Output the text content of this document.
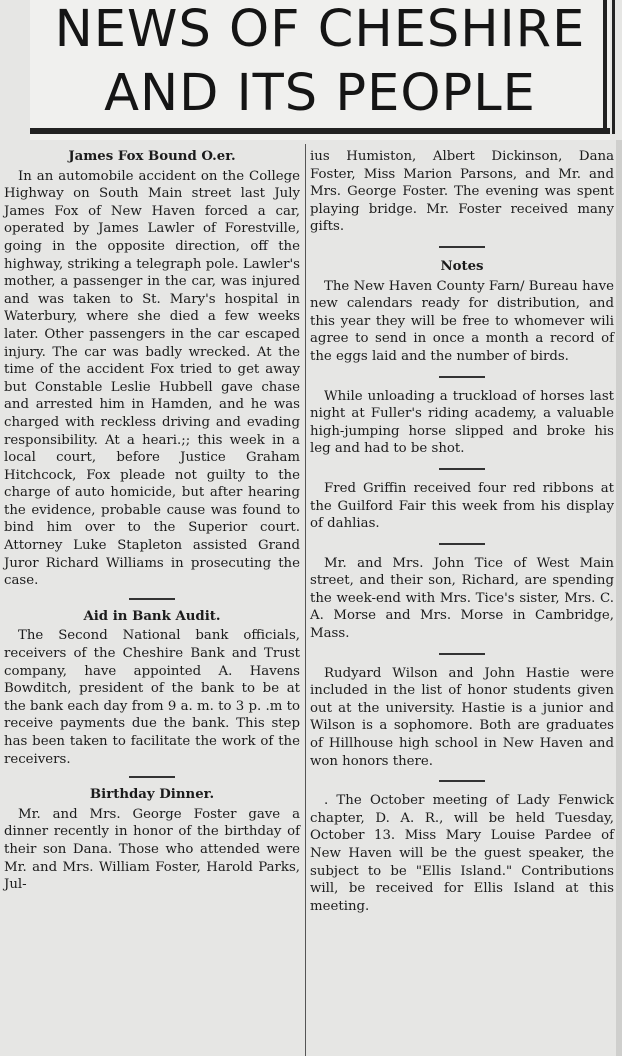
NEWS OF CHESHIRE
AND ITS PEOPLE
James Fox Bound O.er.

In an automobile accident on the College Highway on South Main street last July James Fox of New Haven forced a car, operated by James Lawler of Forestville, going in the opposite direction, off the highway, striking a telegraph pole. Lawler's mother, a passenger in the car, was injured and was taken to St. Mary's hospital in Waterbury, where she died a few weeks later. Other passengers in the car escaped injury. The car was badly wrecked. At the time of the accident Fox tried to get away but Constable Leslie Hubbell gave chase and arrested him in Hamden, and he was charged with reckless driving and evading responsibility. At a heari.;; this week in a local court, before Justice Graham Hitchcock, Fox pleade not guilty to the charge of auto homicide, but after hearing the evidence, probable cause was found to bind him over to the Superior court. Attorney Luke Stapleton assisted Grand Juror Richard Williams in prosecuting the case.

Aid in Bank Audit.

The Second National bank officials, receivers of the Cheshire Bank and Trust company, have appointed A. Havens Bowditch, president of the bank to be at the bank each day from 9 a. m. to 3 p. .m to receive payments due the bank. This step has been taken to facilitate the work of the receivers.

Birthday Dinner.

Mr. and Mrs. George Foster gave a dinner recently in honor of the birthday of their son Dana. Those who attended were Mr. and Mrs. William Foster, Harold Parks, Jul-

ius Humiston, Albert Dickinson, Dana Foster, Miss Marion Parsons, and Mr. and Mrs. George Foster. The evening was spent playing bridge. Mr. Foster received many gifts.

Notes

The New Haven County Farn/ Bureau have new calendars ready for distribution, and this year they will be free to whomever wili agree to send in once a month a record of the eggs laid and the number of birds.

While unloading a truckload of horses last night at Fuller's riding academy, a valuable high-jumping horse slipped and broke his leg and had to be shot.

Fred Griffin received four red ribbons at the Guilford Fair this week from his display of dahlias.

Mr. and Mrs. John Tice of West Main street, and their son, Richard, are spending the week-end with Mrs. Tice's sister, Mrs. C. A. Morse and Mrs. Morse in Cambridge, Mass.

Rudyard Wilson and John Hastie were included in the list of honor students given out at the university. Hastie is a junior and Wilson is a sophomore. Both are graduates of Hillhouse high school in New Haven and won honors there.

. The October meeting of Lady Fenwick chapter, D. A. R., will be held Tuesday, October 13. Miss Mary Louise Pardee of New Haven will be the guest speaker, the subject to be "Ellis Island." Contributions will, be received for Ellis Island at this meeting.
